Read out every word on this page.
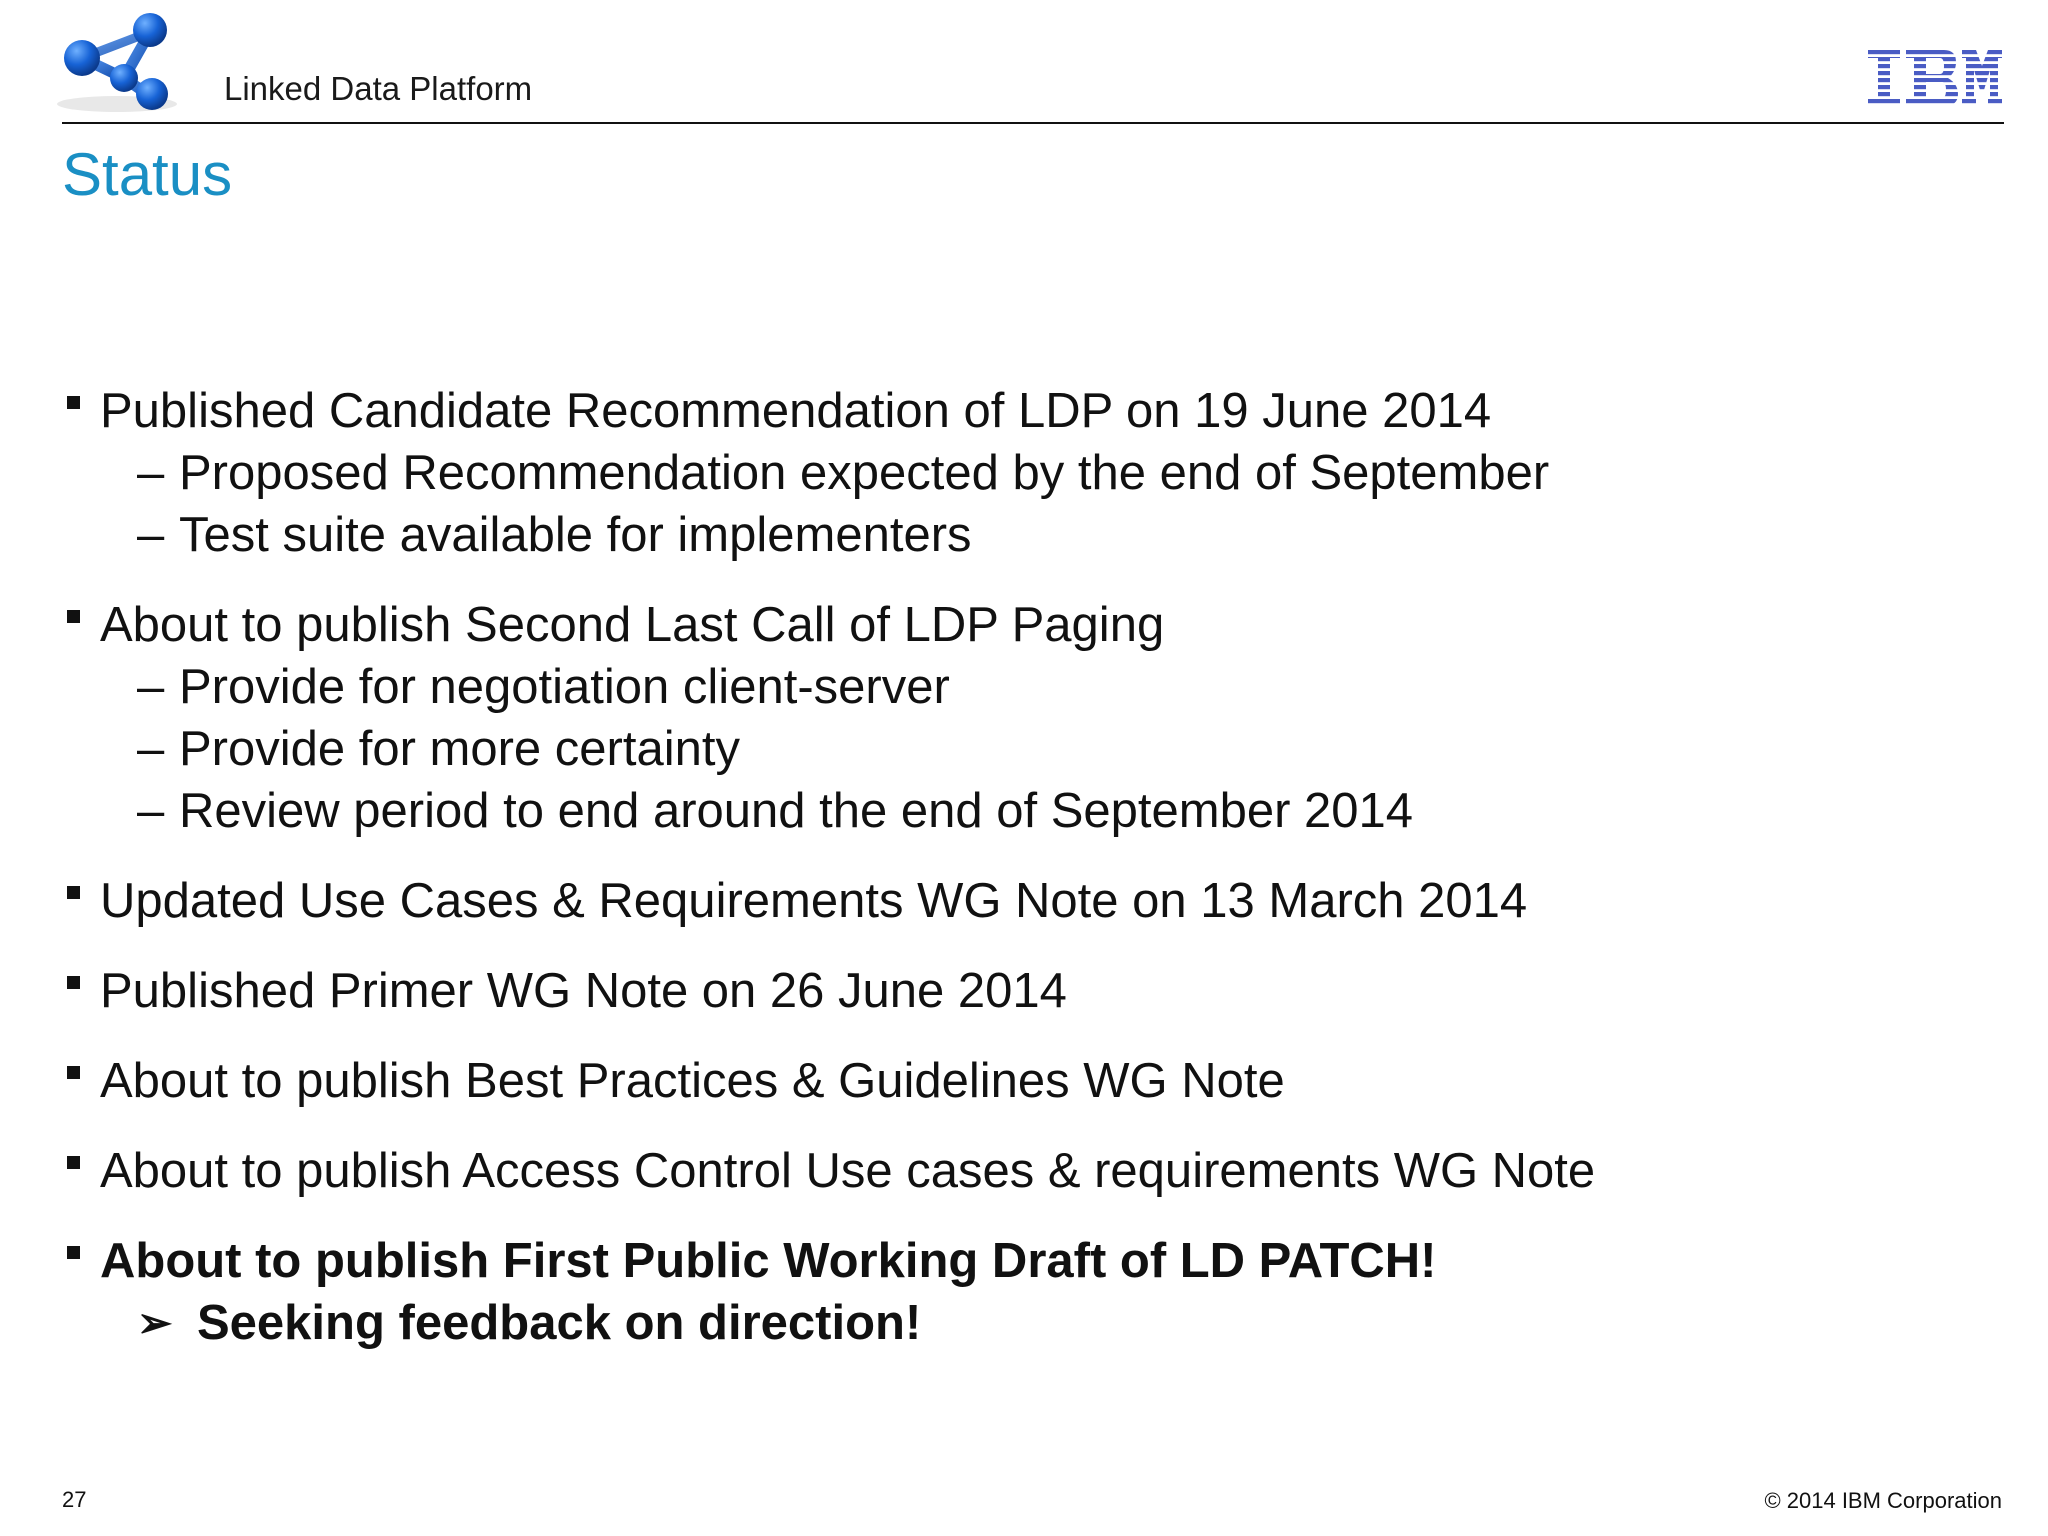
Linked Data Platform
Status
Published Candidate Recommendation of LDP on 19 June 2014
– Proposed Recommendation expected by the end of September
– Test suite available for implementers
About to publish Second Last Call of LDP Paging
– Provide for negotiation client-server
– Provide for more certainty
– Review period to end around the end of September 2014
Updated Use Cases & Requirements WG Note on 13 March 2014
Published Primer WG Note on 26 June 2014
About to publish Best Practices & Guidelines WG Note
About to publish Access Control Use cases & requirements WG Note
About to publish First Public Working Draft of LD PATCH!
➢ Seeking feedback on direction!
27	© 2014 IBM Corporation
